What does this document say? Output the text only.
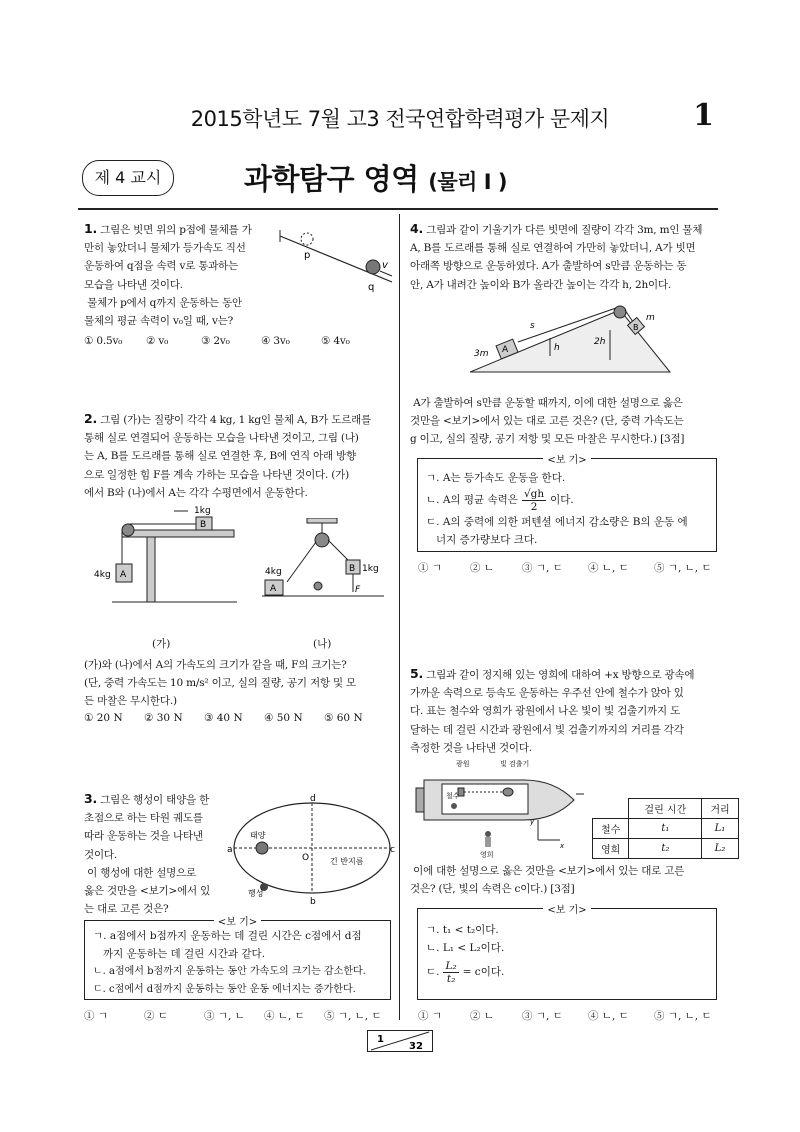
2015학년도 7월 고3 전국연합학력평가 문제지	1
제 4 교시	과학탐구 영역 (물리 I )
1. 그림은 빗면 위의 p점에 물체를 가
만히 놓았더니 물체가 등가속도 직선
운동하여 q점을 속력 v로 통과하는
모습을 나타낸 것이다.
물체가 p에서 q까지 운동하는 동안
물체의 평균 속력이 v₀일 때, v는?
① 0.5v₀	② v₀	③ 2v₀	④ 3v₀	⑤ 4v₀
p
q
v
2. 그림 (가)는 질량이 각각 4 kg, 1 kg인 물체 A, B가 도르래를
통해 실로 연결되어 운동하는 모습을 나타낸 것이고, 그림 (나)
는 A, B를 도르래를 통해 실로 연결한 후, B에 연직 아래 방향
으로 일정한 힘 F를 계속 가하는 모습을 나타낸 것이다. (가)
에서 B와 (나)에서 A는 각각 수평면에서 운동한다.
B
1kg
A
4kg
(가)
B 1kg
F
A
4kg
(나)
(가)와 (나)에서 A의 가속도의 크기가 같을 때, F의 크기는?
(단, 중력 가속도는 10 m/s² 이고, 실의 질량, 공기 저항 및 모
든 마찰은 무시한다.)
① 20 N	② 30 N	③ 40 N	④ 50 N	⑤ 60 N
3. 그림은 행성이 태양을 한
초점으로 하는 타원 궤도를
따라 운동하는 것을 나타낸
것이다.
이 행성에 대한 설명으로
옳은 것만을 <보기>에서 있
는 대로 고른 것은?
d
a	c
b
O
태양
행성
긴 반지름
<보 기>
ㄱ. a점에서 b점까지 운동하는 데 걸린 시간은 c점에서 d점
까지 운동하는 데 걸린 시간과 같다.
ㄴ. a점에서 b점까지 운동하는 동안 가속도의 크기는 감소한다.
ㄷ. c점에서 d점까지 운동하는 동안 운동 에너지는 증가한다.
① ㄱ	② ㄷ	③ ㄱ, ㄴ	④ ㄴ, ㄷ	⑤ ㄱ, ㄴ, ㄷ
4. 그림과 같이 기울기가 다른 빗면에 질량이 각각 3m, m인 물체
A, B를 도르래를 통해 실로 연결하여 가만히 놓았더니, A가 빗면
아래쪽 방향으로 운동하였다. A가 출발하여 s만큼 운동하는 동
안, A가 내려간 높이와 B가 올라간 높이는 각각 h, 2h이다.
A
3m
B
m
s
h
2h
A가 출발하여 s만큼 운동할 때까지, 이에 대한 설명으로 옳은
것만을 <보기>에서 있는 대로 고른 것은? (단, 중력 가속도는
g 이고, 실의 질량, 공기 저항 및 모든 마찰은 무시한다.) [3점]
<보 기>
ㄱ. A는 등가속도 운동을 한다.
ㄴ. A의 평균 속력은 $\frac{√gh}{2}$ 이다.
ㄷ. A의 중력에 의한 퍼텐셜 에너지 감소량은 B의 운동 에
너지 증가량보다 크다.
① ㄱ	② ㄴ	③ ㄱ, ㄷ	④ ㄴ, ㄷ	⑤ ㄱ, ㄴ, ㄷ
5. 그림과 같이 정지해 있는 영희에 대하여 +x 방향으로 광속에
가까운 속력으로 등속도 운동하는 우주선 안에 철수가 앉아 있
다. 표는 철수와 영희가 광원에서 나온 빛이 빛 검출기까지 도
달하는 데 걸린 시간과 광원에서 빛 검출기까지의 거리를 각각
측정한 것을 나타낸 것이다.
광원	빛 검출기
철수
영희
y
x
	걸린 시간	거리
철수	t₁	L₁
영희	t₂	L₂
이에 대한 설명으로 옳은 것만을 <보기>에서 있는 대로 고른
것은? (단, 빛의 속력은 c이다.) [3점]
<보 기>
ㄱ. t₁ < t₂이다.
ㄴ. L₁ < L₂이다.
ㄷ. $\frac{\text{L₂}}{\text{t₂}} = c$이다.
① ㄱ	② ㄴ	③ ㄱ, ㄷ	④ ㄴ, ㄷ	⑤ ㄱ, ㄴ, ㄷ
1
32
